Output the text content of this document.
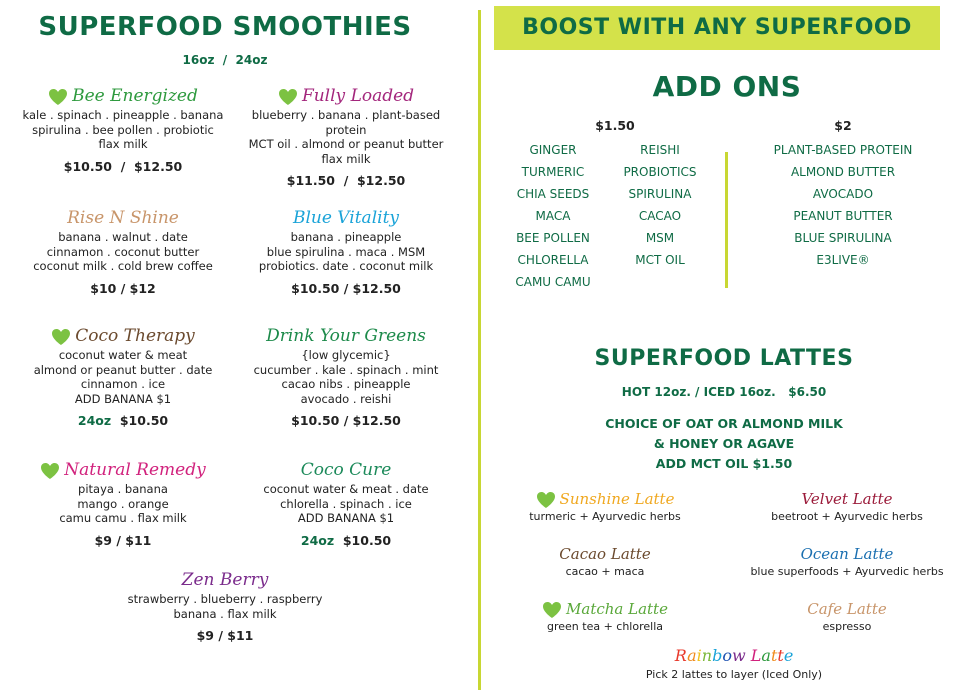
SUPERFOOD SMOOTHIES
16oz  /  24oz
Bee Energized
kale . spinach . pineapple . banana
spirulina . bee pollen . probiotic
flax milk
$10.50  /  $12.50
Fully Loaded
blueberry . banana . plant-based protein
MCT oil . almond or peanut butter
flax milk
$11.50  /  $12.50
Rise N Shine
banana . walnut . date
cinnamon . coconut butter
coconut milk . cold brew coffee
$10 / $12
Blue Vitality
banana . pineapple
blue spirulina . maca . MSM
probiotics. date . coconut milk
$10.50 / $12.50
Coco Therapy
coconut water & meat
almond or peanut butter . date
cinnamon . ice
ADD BANANA $1
24oz $10.50
Drink Your Greens
{low glycemic}
cucumber . kale . spinach . mint
cacao nibs . pineapple
avocado . reishi
$10.50 / $12.50
Natural Remedy
pitaya . banana
mango . orange
camu camu . flax milk
$9 / $11
Coco Cure
coconut water & meat . date
chlorella . spinach . ice
ADD BANANA $1
24oz $10.50
Zen Berry
strawberry . blueberry . raspberry
banana . flax milk
$9 / $11
BOOST WITH ANY SUPERFOOD
ADD ONS
$1.50	$2
GINGER
TURMERIC
CHIA SEEDS
MACA
BEE POLLEN
CHLORELLA
CAMU CAMU
REISHI
PROBIOTICS
SPIRULINA
CACAO
MSM
MCT OIL
PLANT-BASED PROTEIN
ALMOND BUTTER
AVOCADO
PEANUT BUTTER
BLUE SPIRULINA
E3LIVE®
SUPERFOOD LATTES
HOT 12oz. / ICED 16oz.   $6.50
CHOICE OF OAT OR ALMOND MILK
& HONEY OR AGAVE
ADD MCT OIL $1.50
Sunshine Latte
turmeric + Ayurvedic herbs
Velvet Latte
beetroot + Ayurvedic herbs
Cacao Latte
cacao + maca
Ocean Latte
blue superfoods + Ayurvedic herbs
Matcha Latte
green tea + chlorella
Cafe Latte
espresso
Rainbow Latte
Pick 2 lattes to layer (Iced Only)
